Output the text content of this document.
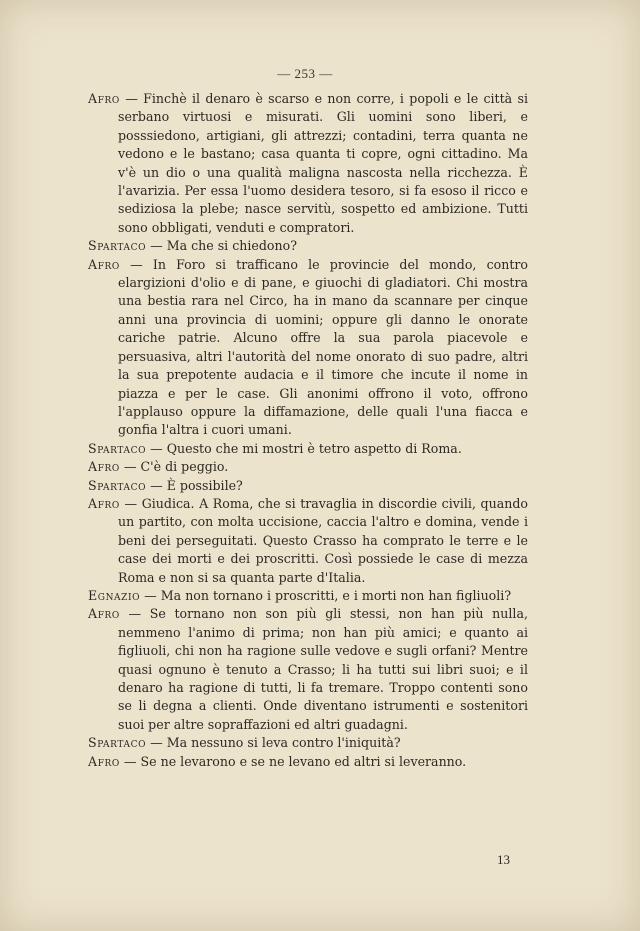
— 253 —

Afro — Finchè il denaro è scarso e non corre, i popoli e le città si serbano virtuosi e misurati. Gli uomini sono liberi, e posssiedono, artigiani, gli attrezzi; contadini, terra quanta ne vedono e le bastano; casa quanta ti copre, ogni cittadino. Ma v'è un dio o una qualità maligna nascosta nella ricchezza. È l'avarizia. Per essa l'uomo desidera tesoro, si fa esoso il ricco e sediziosa la plebe; nasce servitù, sospetto ed ambizione. Tutti sono obbligati, venduti e compratori.

Spartaco — Ma che si chiedono?

Afro — In Foro si trafficano le provincie del mondo, contro elargizioni d'olio e di pane, e giuochi di gladiatori. Chi mostra una bestia rara nel Circo, ha in mano da scannare per cinque anni una provincia di uomini; oppure gli danno le onorate cariche patrie. Alcuno offre la sua parola piacevole e persuasiva, altri l'autorità del nome onorato di suo padre, altri la sua prepotente audacia e il timore che incute il nome in piazza e per le case. Gli anonimi offrono il voto, offrono l'applauso oppure la diffamazione, delle quali l'una fiacca e gonfia l'altra i cuori umani.

Spartaco — Questo che mi mostri è tetro aspetto di Roma.

Afro — C'è di peggio.

Spartaco — È possibile?

Afro — Giudica. A Roma, che si travaglia in discordie civili, quando un partito, con molta uccisione, caccia l'altro e domina, vende i beni dei perseguitati. Questo Crasso ha comprato le terre e le case dei morti e dei proscritti. Così possiede le case di mezza Roma e non si sa quanta parte d'Italia.

Egnazio — Ma non tornano i proscritti, e i morti non han figliuoli?

Afro — Se tornano non son più gli stessi, non han più nulla, nemmeno l'animo di prima; non han più amici; e quanto ai figliuoli, chi non ha ragione sulle vedove e sugli orfani? Mentre quasi ognuno è tenuto a Crasso; li ha tutti sui libri suoi; e il denaro ha ragione di tutti, li fa tremare. Troppo contenti sono se li degna a clienti. Onde diventano istrumenti e sostenitori suoi per altre sopraffazioni ed altri guadagni.

Spartaco — Ma nessuno si leva contro l'iniquità?

Afro — Se ne levarono e se ne levano ed altri si leveranno.

13
